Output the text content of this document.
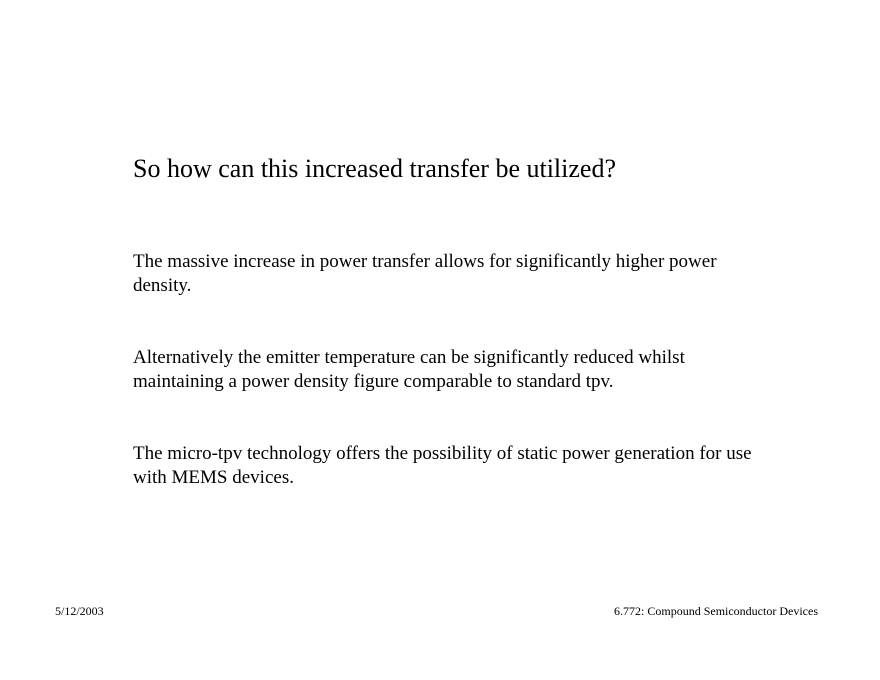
So how can this increased transfer be utilized?

The massive increase in power transfer allows for significantly higher power density.

Alternatively the emitter temperature can be significantly reduced whilst maintaining a power density figure comparable to standard tpv.

The micro-tpv technology offers the possibility of static power generation for use with MEMS devices.

5/12/2003	6.772: Compound Semiconductor Devices
